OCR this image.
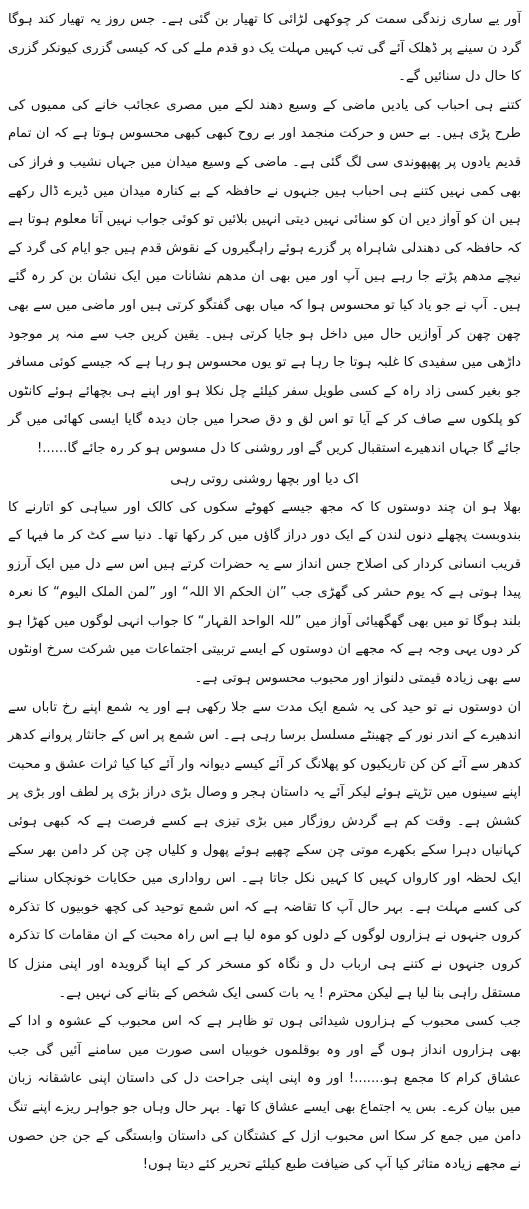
آور یے ساری زندگی سمت کر چوکھی لڑائی کا تھیار بن گئی ہے۔ جس روز یہ تھیار کند ہوگا گرد ن سینے پر ڈھلک آئے گی تب کہیں مہلت یک دو قدم ملے کی کہ کیسی گزری کیونکر گزری کا حال دل سنائیں گے۔

کتنے ہی احباب کی یادیں ماضی کے وسیع دھند لکے میں مصری عجائب خانے کی ممیوں کی طرح پڑی ہیں۔ بے حس و حرکت منجمد اور بے روح کبھی کبھی محسوس ہوتا ہے کہ ان تمام قدیم یادوں پر پھپھوندی سی لگ گئی ہے۔ ماضی کے وسیع میدان میں جہاں نشیب و فراز کی بھی کمی نہیں کتنے ہی احباب ہیں جنہوں نے حافظہ کے بے کنارہ میدان میں ڈیرے ڈال رکھے ہیں ان کو آواز دیں ان کو سنائی نہیں دیتی انہیں بلائیں تو کوئی جواب نہیں آتا معلوم ہوتا ہے کہ حافظہ کی دھندلی شاہراہ پر گزرے ہوئے راہگیروں کے نقوش قدم ہیں جو ایام کی گرد کے نیچے مدھم پڑتے جا رہے ہیں آپ اور میں بھی ان مدھم نشانات میں ایک نشان بن کر رہ گئے ہیں۔ آپ نے جو یاد کیا تو محسوس ہوا کہ میاں بھی گفتگو کرتی ہیں اور ماضی میں سے بھی چھن چھن کر آوازیں حال میں داخل ہو جایا کرتی ہیں۔ یقین کریں جب سے منہ پر موجود داڑھی میں سفیدی کا غلبہ ہوتا جا رہا ہے تو یوں محسوس ہو رہا ہے کہ جیسے کوئی مسافر جو بغیر کسی زاد راہ کے کسی طویل سفر کیلئے چل نکلا ہو اور اپنے ہی بچھائے ہوئے کانٹوں کو پلکوں سے صاف کر کے آیا تو اس لق و دق صحرا میں جان دیدہ گایا ایسی کھائی میں گر جائے گا جہاں اندھیرے استقبال کریں گے اور روشنی کا دل مسوس ہو کر رہ جائے گا......!

اک دیا اور بچھا روشنی روتی رہی

بھلا ہو ان چند دوستوں کا کہ مجھ جیسے کھوٹے سکوں کی کالک اور سیاہی کو اتارنے کا بندوبست پچھلے دنوں لندن کے ایک دور دراز گاؤں میں کر رکھا تھا۔ دنیا سے کٹ کر ما فیہا کے قریب انسانی کردار کی اصلاح جس انداز سے یہ حضرات کرتے ہیں اس سے دل میں ایک آرزو پیدا ہوتی ہے کہ یوم حشر کی گھڑی جب ”ان الحکم الا اللہ“ اور ”لمن الملک الیوم“ کا نعرہ بلند ہوگا تو میں بھی گھگھیائی آواز میں ”للہ الواحد القہار“ کا جواب انہی لوگوں میں کھڑا ہو کر دوں یہی وجہ ہے کہ مجھے ان دوستوں کے ایسے تربیتی اجتماعات میں شرکت سرخ اونٹوں سے بھی زیادہ قیمتی دلنواز اور محبوب محسوس ہوتی ہے۔

ان دوستوں نے تو حید کی یہ شمع ایک مدت سے جلا رکھی ہے اور یہ شمع اپنے رخ تاباں سے اندھیرے کے اندر نور کے چھینٹے مسلسل برسا رہی ہے۔ اس شمع پر اس کے جانثار پروانے کدھر کدھر سے آئے کن کن تاریکیوں کو پھلانگ کر آئے کیسے دیوانہ وار آئے کیا کیا ثرات عشق و محبت اپنے سینوں میں تڑپتے ہوئے لیکر آئے یہ داستان ہجر و وصال بڑی دراز بڑی پر لطف اور بڑی پر کشش ہے۔ وقت کم ہے گردش روزگار میں بڑی تیزی ہے کسے فرصت ہے کہ کبھی ہوئی کہانیاں دہرا سکے بکھرے موتی چن سکے چھپے ہوئے پھول و کلیاں چن چن کر دامن بھر سکے ایک لحظہ اور کارواں کہیں کا کہیں نکل جاتا ہے۔ اس رواداری میں حکایات خونچکاں سنانے کی کسے مہلت ہے۔ بہر حال آپ کا تقاضہ ہے کہ اس شمع توحید کی کچھ خوبیوں کا تذکرہ کروں جنہوں نے ہزاروں لوگوں کے دلوں کو موہ لیا ہے اس راہ محبت کے ان مقامات کا تذکرہ کروں جنہوں نے کتنے ہی ارباب دل و نگاہ کو مسخر کر کے اپنا گرویدہ اور اپنی منزل کا مستقل راہی بنا لیا ہے لیکن محترم ! یہ بات کسی ایک شخص کے بتانے کی نہیں ہے۔

جب کسی محبوب کے ہزاروں شیدائی ہوں تو ظاہر ہے کہ اس محبوب کے عشوہ و ادا کے بھی ہزاروں انداز ہوں گے اور وہ بوقلموں خوبیاں اسی صورت میں سامنے آئیں گی جب عشاق کرام کا مجمع ہو.......! اور وہ اپنی اپنی جراحت دل کی داستان اپنی عاشقانہ زبان میں بیان کرے۔ بس یہ اجتماع بھی ایسے عشاق کا تھا۔ بہر حال وہاں جو جواہر ریزے اپنے تنگ دامن میں جمع کر سکا اس محبوب ازل کے کشتگان کی داستان وابستگی کے جن جن حصوں نے مجھے زیادہ متاثر کیا آپ کی ضیافت طبع کیلئے تحریر کئے دیتا ہوں!
